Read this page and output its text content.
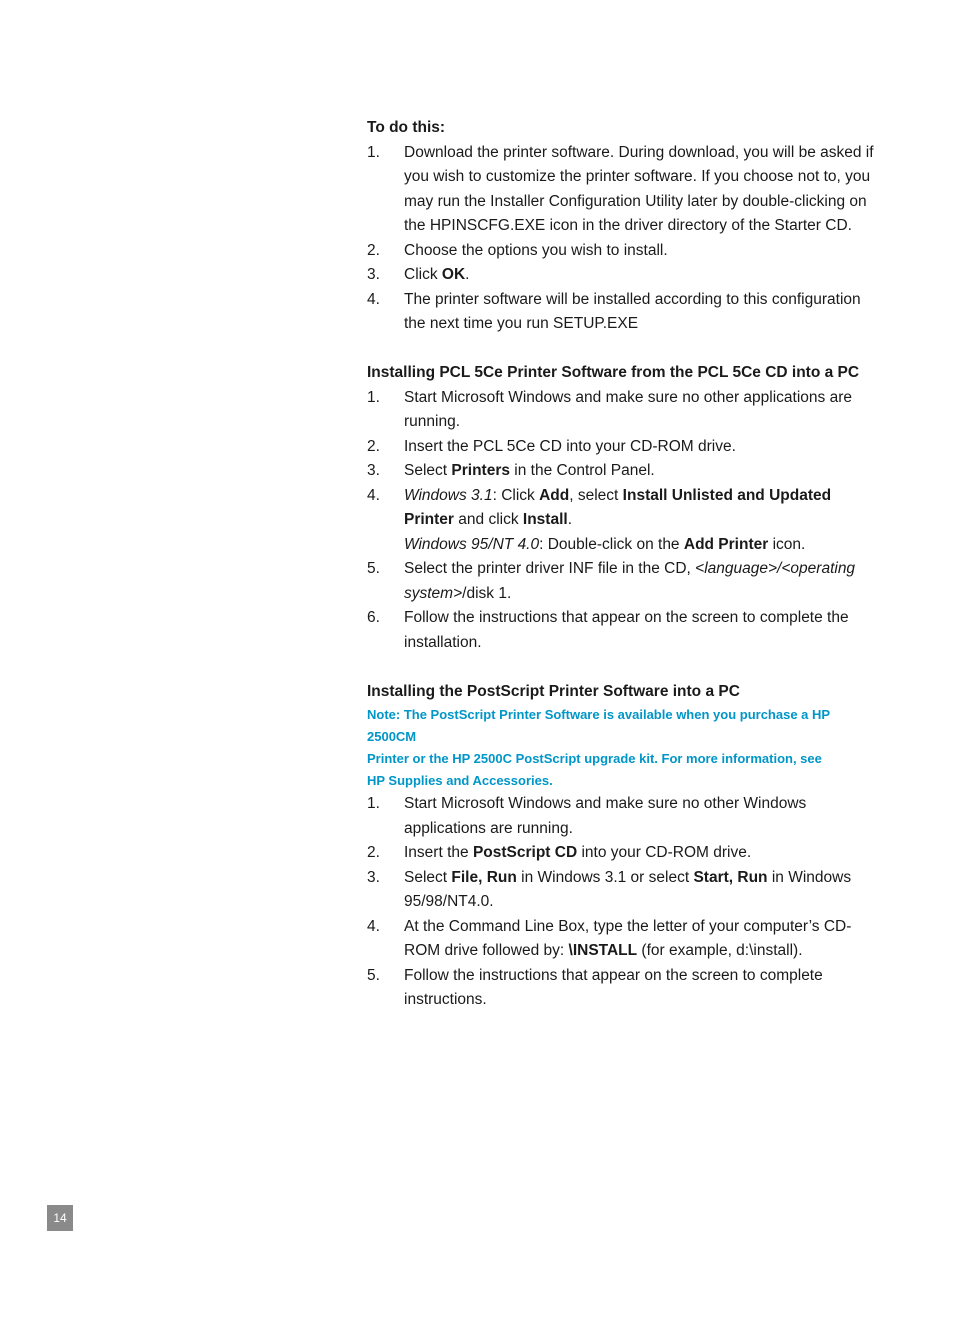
To do this:

1. Download the printer software. During download, you will be asked if you wish to customize the printer software. If you choose not to, you may run the Installer Configuration Utility later by double-clicking on the HPINSCFG.EXE icon in the driver directory of the Starter CD.
2. Choose the options you wish to install.
3. Click OK.
4. The printer software will be installed according to this configuration the next time you run SETUP.EXE

Installing PCL 5Ce Printer Software from the PCL 5Ce CD into a PC

1. Start Microsoft Windows and make sure no other applications are running.
2. Insert the PCL 5Ce CD into your CD-ROM drive.
3. Select Printers in the Control Panel.
4. Windows 3.1: Click Add, select Install Unlisted and Updated Printer and click Install.
Windows 95/NT 4.0: Double-click on the Add Printer icon.
5. Select the printer driver INF file in the CD, <language>/<operating system>/disk 1.
6. Follow the instructions that appear on the screen to complete the installation.

Installing the PostScript Printer Software into a PC

Note: The PostScript Printer Software is available when you purchase a HP 2500CM
Printer or the HP 2500C PostScript upgrade kit. For more information, see
HP Supplies and Accessories.

1. Start Microsoft Windows and make sure no other Windows applications are running.
2. Insert the PostScript CD into your CD-ROM drive.
3. Select File, Run in Windows 3.1 or select Start, Run in Windows 95/98/NT4.0.
4. At the Command Line Box, type the letter of your computer’s CD-ROM drive followed by: \INSTALL (for example, d:\install).
5. Follow the instructions that appear on the screen to complete instructions.
14
